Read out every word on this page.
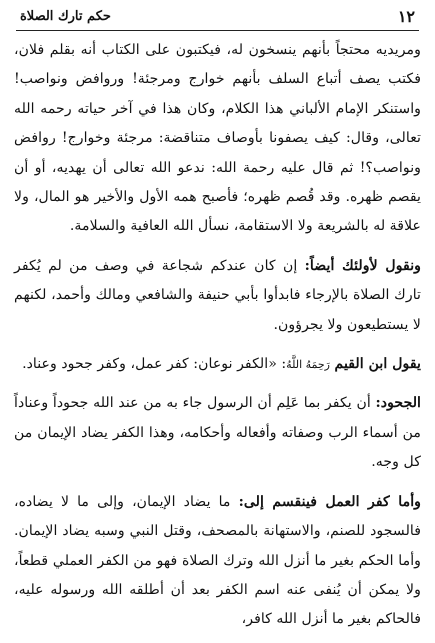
١٢
حكم تارك الصلاة

ومريديه محتجاً بأنهم ينسخون له، فيكتبون على الكتاب أنه بقلم فلان، فكتب يصف أتباع السلف بأنهم خوارج ومرجئة! وروافض ونواصب! واستنكر الإمام الألباني هذا الكلام، وكان هذا في آخر حياته رحمه الله تعالى، وقال: كيف يصفونا بأوصاف متناقضة: مرجئة وخوارج! روافض ونواصب؟! ثم قال عليه رحمة الله: ندعو الله تعالى أن يهديه، أو أن يقصم ظهره. وقد قُصم ظهره؛ فأصبح همه الأول والأخير هو المال، ولا علاقة له بالشريعة ولا الاستقامة، نسأل الله العافية والسلامة.

ونقول لأولئك أيضاً: إن كان عندكم شجاعة في وصف من لم يُكفر تارك الصلاة بالإرجاء فابدأوا بأبي حنيفة والشافعي ومالك وأحمد، لكنهم لا يستطيعون ولا يجرؤون.

يقول ابن القيم رَحِمَهُ اللَّهُ: «الكفر نوعان: كفر عمل، وكفر جحود وعناد.

الجحود: أن يكفر بما عَلِم أن الرسول جاء به من عند الله جحوداً وعناداً من أسماء الرب وصفاته وأفعاله وأحكامه، وهذا الكفر يضاد الإيمان من كل وجه.

وأما كفر العمل فينقسم إلى: ما يضاد الإيمان، وإلى ما لا يضاده، فالسجود للصنم، والاستهانة بالمصحف، وقتل النبي وسبه يضاد الإيمان. وأما الحكم بغير ما أنزل الله وترك الصلاة فهو من الكفر العملي قطعاً، ولا يمكن أن يُنفى عنه اسم الكفر بعد أن أطلقه الله ورسوله عليه، فالحاكم بغير ما أنزل الله كافر،
